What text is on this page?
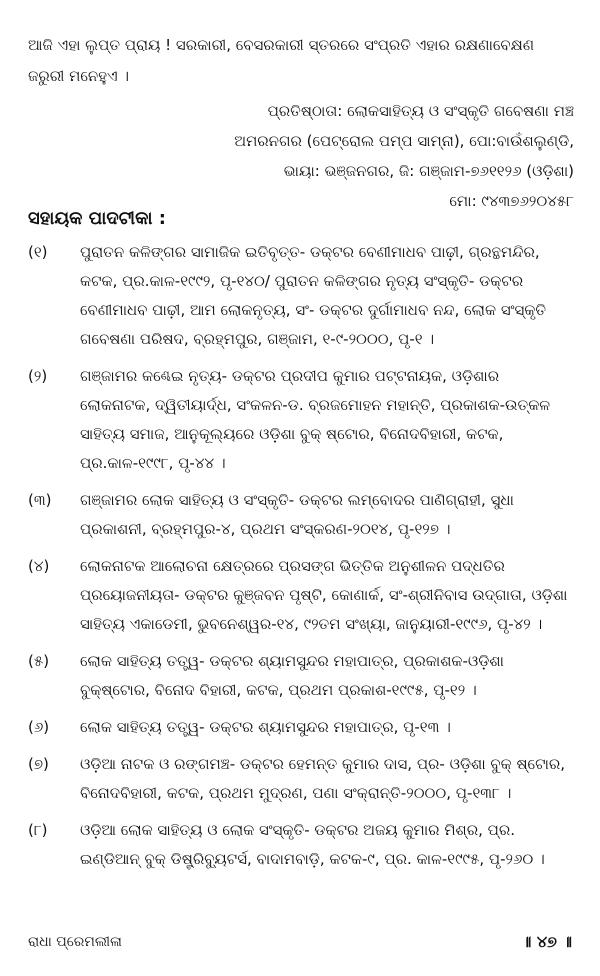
ଆଜି ଏହା ଲୁପ୍ତ ପ୍ରାୟ ! ସରକାରୀ, ବେସରକାରୀ ସ୍ତରରେ ସଂପ୍ରତି ଏହାର ରକ୍ଷଣାବେକ୍ଷଣ ଜରୁରୀ ମନେହୁଏ ।

ପ୍ରତିଷ୍ଠାତା: ଲୋକସାହିତ୍ୟ ଓ ସଂସ୍କୃତି ଗବେଷଣା ମଞ୍ଚ
ଅମରନଗର (ପେଟ୍ରୋଲ ପମ୍ପ ସାମ୍ନା), ପୋ:ବାଉଁଶଲୁଣ୍ଡି,
ଭାୟା: ଭଞ୍ଜନଗର, ଜି: ଗଞ୍ଜାମ-୭୬୧୧୨୬ (ଓଡ଼ିଶା)
ମୋ: ୯୪୩୭୬୨୦୪୫୮
ସହାୟକ ପାଦଟୀକା :
(୧)	ପୁରାତନ କଳିଙ୍ଗର ସାମାଜିକ ଇତିବୃତ୍ତ- ଡକ୍ଟର ବେଣୀମାଧବ ପାଢ଼ୀ, ଗ୍ରନ୍ଥମନ୍ଦିର, କଟକ, ପ୍ର.କାଳ-୧୯୯୨, ପୃ-୧୪୦/ ପୁରାତନ କଳିଙ୍ଗର ନୃତ୍ୟ ସଂସ୍କୃତି- ଡକ୍ଟର ବେଣୀମାଧବ ପାଢ଼ୀ, ଆମ ଲୋକନୃତ୍ୟ, ସଂ- ଡକ୍ଟର ଦୁର୍ଗାମାଧବ ନନ୍ଦ, ଲୋକ ସଂସ୍କୃତି ଗବେଷଣା ପରିଷଦ, ବ୍ରହ୍ମପୁର, ଗଞ୍ଜାମ, ୧-୯-୨୦୦୦, ପୃ-୧ ।
(୨)	ଗଞ୍ଜାମର କଣ୍ଢେଇ ନୃତ୍ୟ- ଡକ୍ଟର ପ୍ରଦୀପ କୁମାର ପଟ୍ଟନାୟକ, ଓଡ଼ିଶାର ଲୋକନାଟକ, ଦ୍ୱିତୀୟାର୍ଦ୍ଧ, ସଂକଳନ-ଡ. ବ୍ରଜମୋହନ ମହାନ୍ତି, ପ୍ରକାଶକ-ଉତ୍କଳ ସାହିତ୍ୟ ସମାଜ, ଆନୁକୂଲ୍ୟରେ ଓଡ଼ିଶା ବୁକ୍ ଷ୍ଟୋର, ବିନୋଦବିହାରୀ, କଟକ, ପ୍ର.କାଳ-୧୯୯୮, ପୃ-୪୪ ।
(୩)	ଗଞ୍ଜାମର ଲୋକ ସାହିତ୍ୟ ଓ ସଂସ୍କୃତି- ଡକ୍ଟର ଲମ୍ବୋଦର ପାଣିଗ୍ରାହୀ, ସୁଧା ପ୍ରକାଶନୀ, ବ୍ରହ୍ମପୁର-୪, ପ୍ରଥମ ସଂସ୍କରଣ-୨୦୧୪, ପୃ-୧୨୭ ।
(୪)	ଲୋକନାଟକ ଆଲୋଚନା କ୍ଷେତ୍ରରେ ପ୍ରସଙ୍ଗ ଭିତ୍ତିକ ଅନୁଶୀଳନ ପଦ୍ଧତିର ପ୍ରୟୋଜନୀୟତା- ଡକ୍ଟର କୁଞ୍ଜବନ ପୃଷ୍ଟି, କୋଣାର୍କ, ସଂ-ଶ୍ରୀନିବାସ ଉଦ୍‌ଗାତା, ଓଡ଼ିଶା ସାହିତ୍ୟ ଏକାଡେମୀ, ଭୁବନେଶ୍ୱର-୧୪, ୯୨ତମ ସଂଖ୍ୟା, ଜାନୁୟାରୀ-୧୯୯୬, ପୃ-୪୨ ।
(୫)	ଲୋକ ସାହିତ୍ୟ ତତ୍ତ୍ୱ- ଡକ୍ଟର ଶ୍ୟାମସୁନ୍ଦର ମହାପାତ୍ର, ପ୍ରକାଶକ-ଓଡ଼ିଶା ବୁକ୍‌ଷ୍ଟୋର, ବିନୋଦ ବିହାରୀ, କଟକ, ପ୍ରଥମ ପ୍ରକାଶ-୧୯୯୫, ପୃ-୧୨ ।
(୬)	ଲୋକ ସାହିତ୍ୟ ତତ୍ତ୍ୱ- ଡକ୍ଟର ଶ୍ୟାମସୁନ୍ଦର ମହାପାତ୍ର, ପୃ-୧୩ ।
(୭)	ଓଡ଼ିଆ ନାଟକ ଓ ରଙ୍ଗମଞ୍ଚ- ଡକ୍ଟର ହେମନ୍ତ କୁମାର ଦାସ, ପ୍ର- ଓଡ଼ିଶା ବୁକ୍ ଷ୍ଟୋର, ବିନୋଦବିହାରୀ, କଟକ, ପ୍ରଥମ ମୁଦ୍ରଣ, ପଣା ସଂକ୍ରାନ୍ତି-୨୦୦୦, ପୃ-୧୩୮ ।
(୮)	ଓଡ଼ିଆ ଲୋକ ସାହିତ୍ୟ ଓ ଲୋକ ସଂସ୍କୃତି- ଡକ୍ଟର ଅଜୟ କୁମାର ମିଶ୍ର, ପ୍ର. ଇଣ୍ଡିଆନ୍ ବୁକ୍ ଡିଷ୍ଟ୍ରିବ୍ୟୁଟର୍ସ, ବାଦାମବାଡ଼ି, କଟକ-୯, ପ୍ର. କାଳ-୧୯୯୫, ପୃ-୨୬୦ ।

ରାଧା ପ୍ରେମଲୀଳା	॥ ୪୭ ॥
